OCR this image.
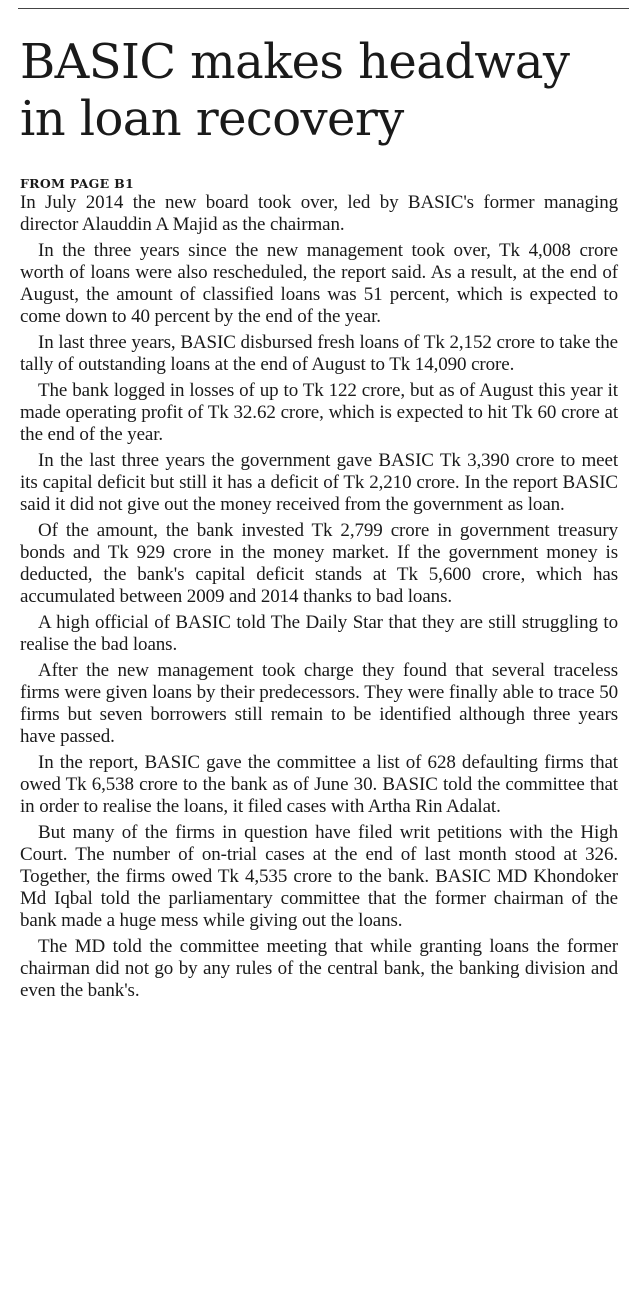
BASIC makes headway in loan recovery
FROM PAGE B1

In July 2014 the new board took over, led by BASIC's former managing director Alauddin A Majid as the chairman.

In the three years since the new management took over, Tk 4,008 crore worth of loans were also rescheduled, the report said. As a result, at the end of August, the amount of classified loans was 51 percent, which is expected to come down to 40 percent by the end of the year.

In last three years, BASIC disbursed fresh loans of Tk 2,152 crore to take the tally of outstanding loans at the end of August to Tk 14,090 crore.

The bank logged in losses of up to Tk 122 crore, but as of August this year it made operating profit of Tk 32.62 crore, which is expected to hit Tk 60 crore at the end of the year.

In the last three years the government gave BASIC Tk 3,390 crore to meet its capital deficit but still it has a deficit of Tk 2,210 crore. In the report BASIC said it did not give out the money received from the government as loan.

Of the amount, the bank invested Tk 2,799 crore in government treasury bonds and Tk 929 crore in the money market. If the government money is deducted, the bank's capital deficit stands at Tk 5,600 crore, which has accumulated between 2009 and 2014 thanks to bad loans.

A high official of BASIC told The Daily Star that they are still struggling to realise the bad loans.

After the new management took charge they found that several traceless firms were given loans by their predecessors. They were finally able to trace 50 firms but seven borrowers still remain to be identified although three years have passed.

In the report, BASIC gave the committee a list of 628 defaulting firms that owed Tk 6,538 crore to the bank as of June 30. BASIC told the committee that in order to realise the loans, it filed cases with Artha Rin Adalat.

But many of the firms in question have filed writ petitions with the High Court. The number of on-trial cases at the end of last month stood at 326. Together, the firms owed Tk 4,535 crore to the bank. BASIC MD Khondoker Md Iqbal told the parliamentary committee that the former chairman of the bank made a huge mess while giving out the loans.

The MD told the committee meeting that while granting loans the former chairman did not go by any rules of the central bank, the banking division and even the bank's.
